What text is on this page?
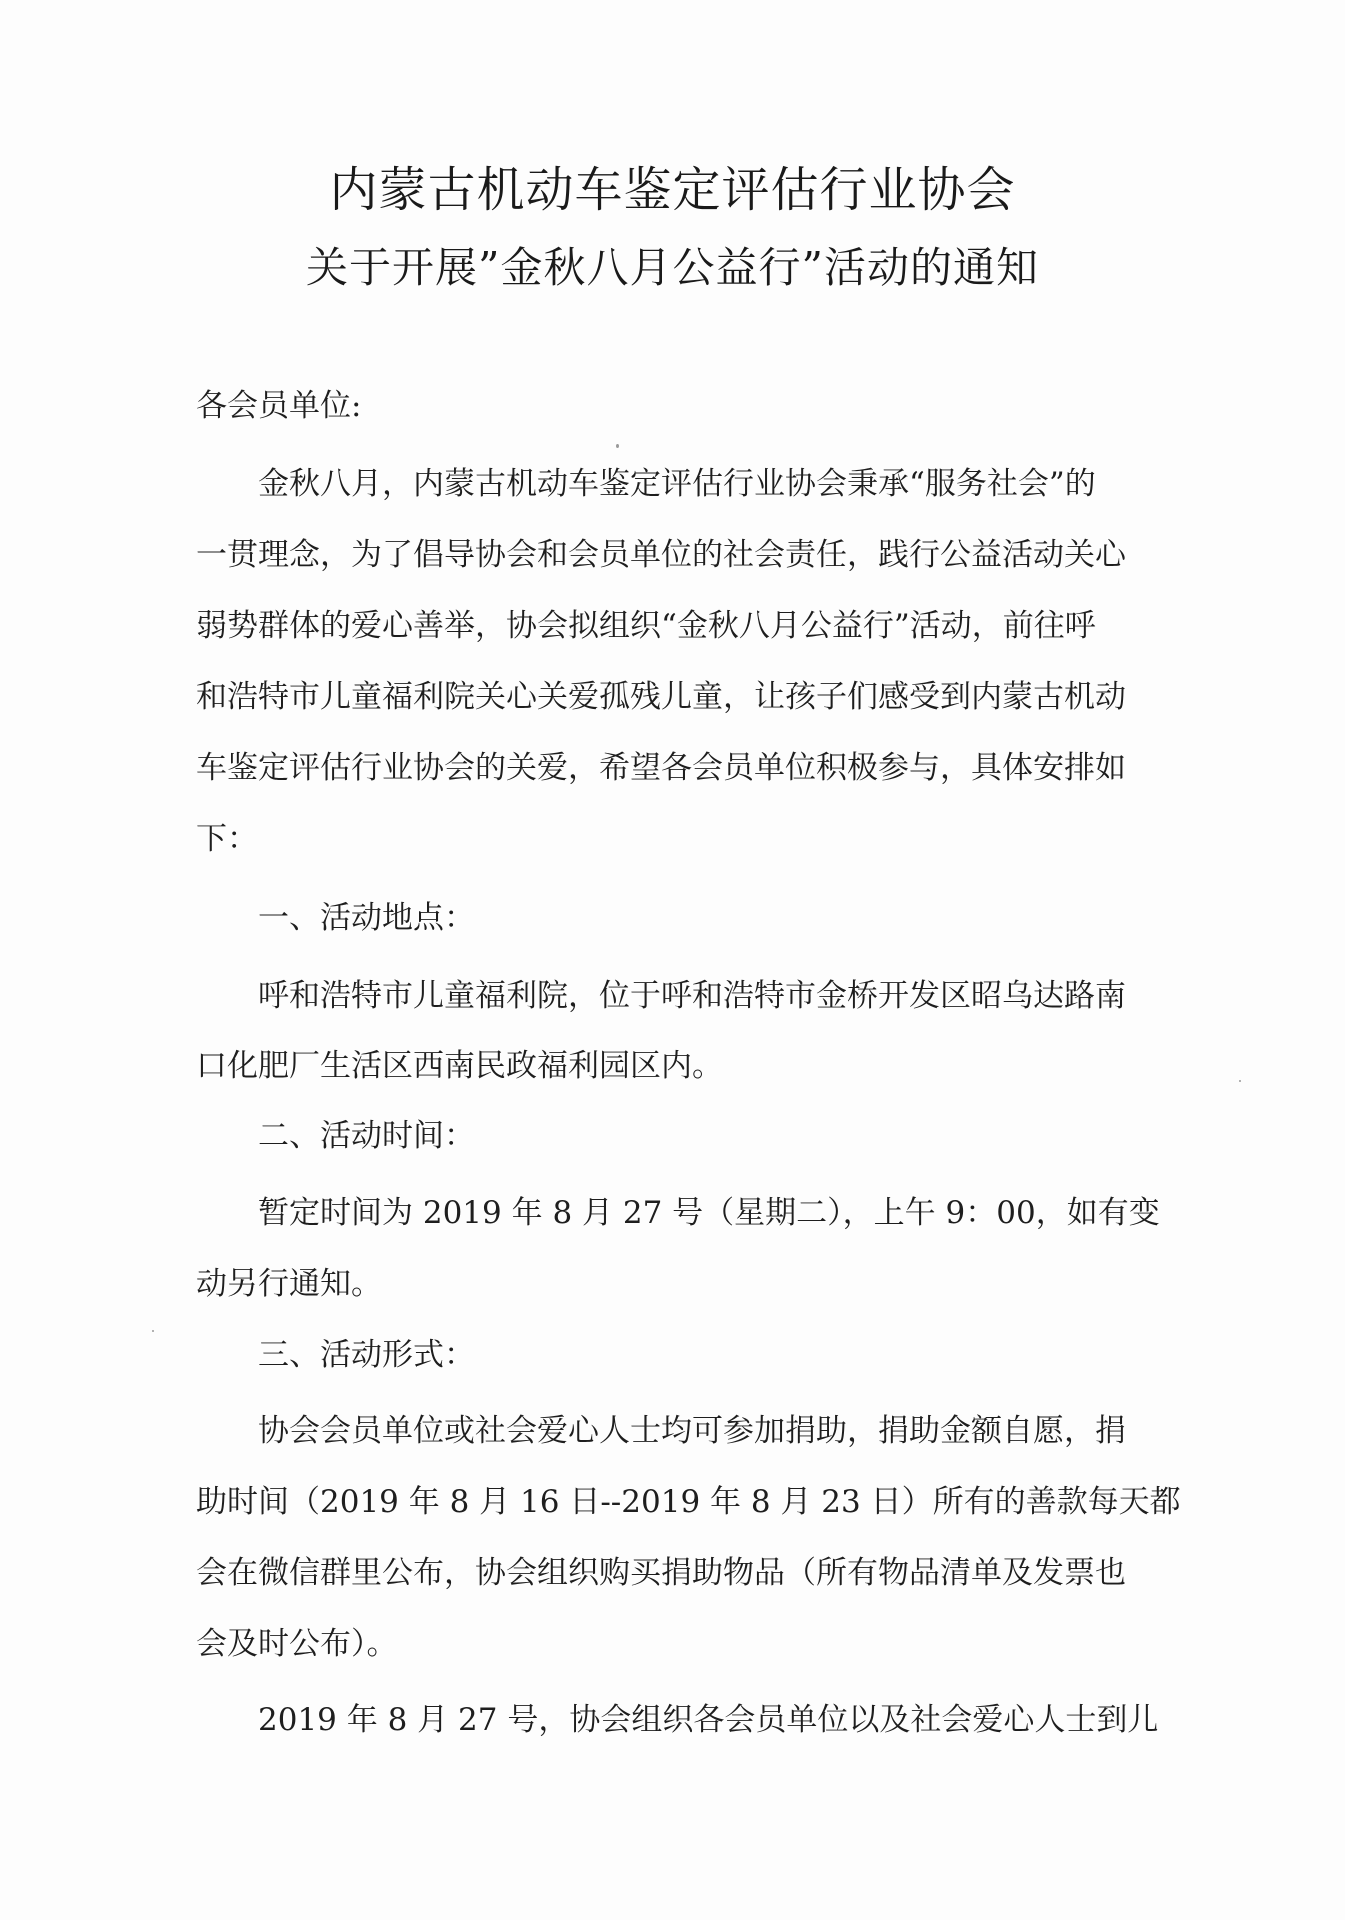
内蒙古机动车鉴定评估行业协会
关于开展”金秋八月公益行”活动的通知
各会员单位:
金秋八月，内蒙古机动车鉴定评估行业协会秉承“服务社会”的
一贯理念，为了倡导协会和会员单位的社会责任，践行公益活动关心
弱势群体的爱心善举，协会拟组织“金秋八月公益行”活动，前往呼
和浩特市儿童福利院关心关爱孤残儿童，让孩子们感受到内蒙古机动
车鉴定评估行业协会的关爱，希望各会员单位积极参与，具体安排如
下：
一、活动地点：
呼和浩特市儿童福利院，位于呼和浩特市金桥开发区昭乌达路南
口化肥厂生活区西南民政福利园区内。
二、活动时间：
暂定时间为 2019 年 8 月 27 号（星期二），上午 9：00，如有变
动另行通知。
三、活动形式：
协会会员单位或社会爱心人士均可参加捐助，捐助金额自愿，捐
助时间（2019 年 8 月 16 日--2019 年 8 月 23 日）所有的善款每天都
会在微信群里公布，协会组织购买捐助物品（所有物品清单及发票也
会及时公布）。
2019 年 8 月 27 号，协会组织各会员单位以及社会爱心人士到儿
